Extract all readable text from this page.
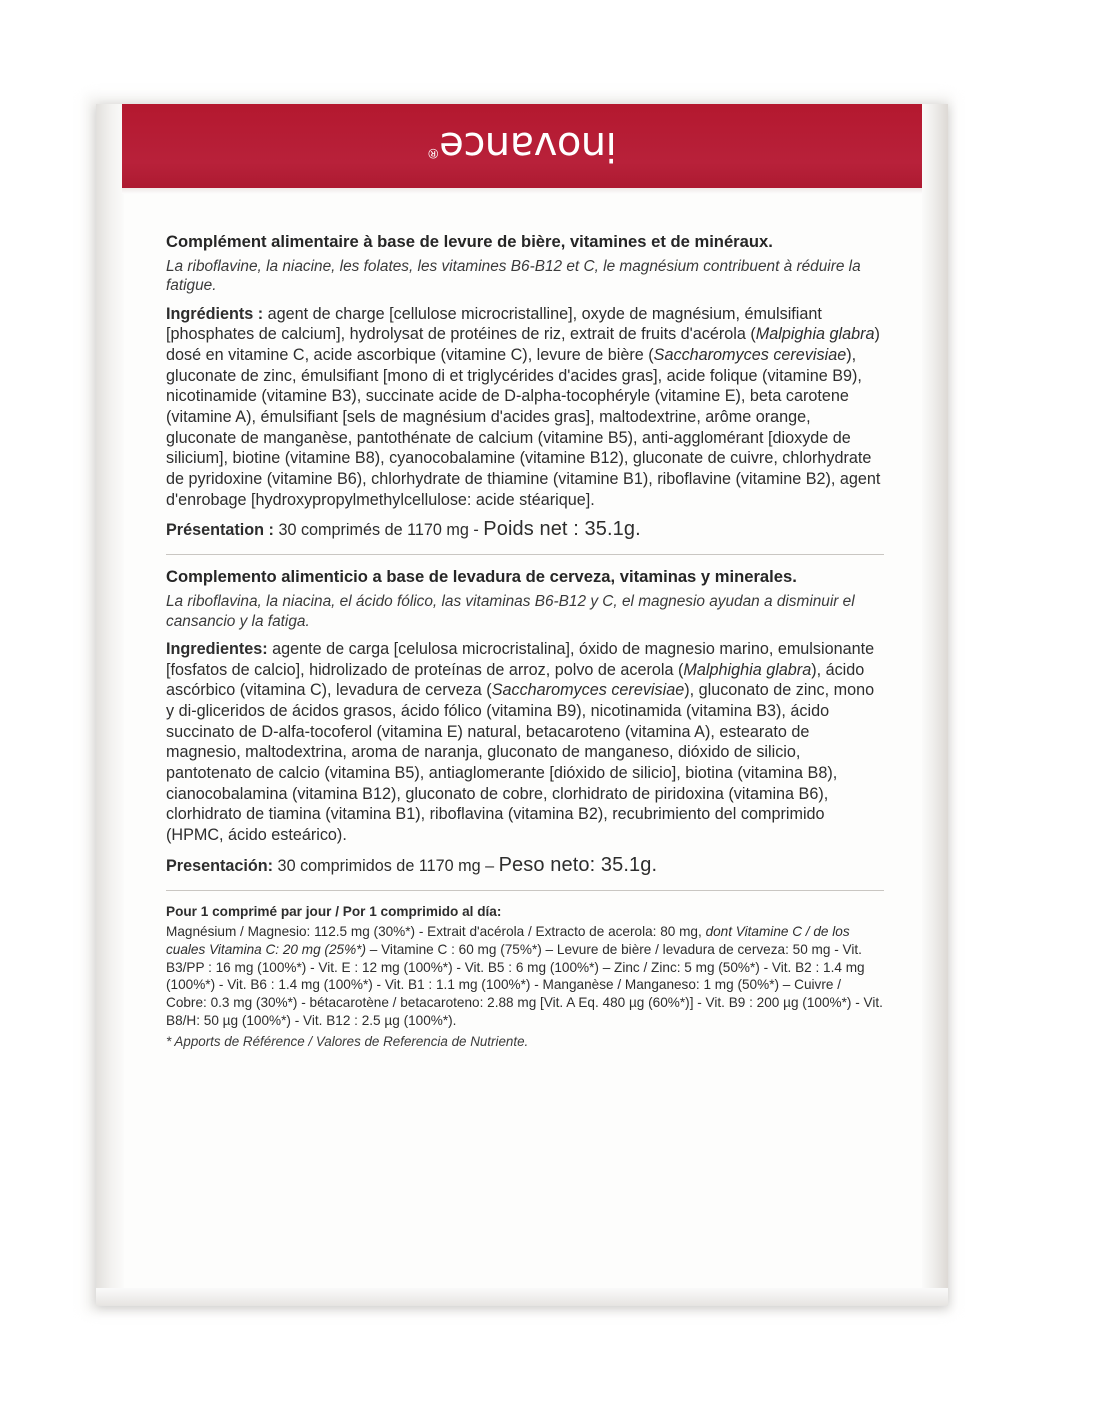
inovance®

Complément alimentaire à base de levure de bière, vitamines et de minéraux.

La riboflavine, la niacine, les folates, les vitamines B6-B12 et C, le magnésium contribuent à réduire la fatigue.

Ingrédients : agent de charge [cellulose microcristalline], oxyde de magnésium, émulsifiant [phosphates de calcium], hydrolysat de protéines de riz, extrait de fruits d'acérola (Malpighia glabra) dosé en vitamine C, acide ascorbique (vitamine C), levure de bière (Saccharomyces cerevisiae), gluconate de zinc, émulsifiant [mono di et triglycérides d'acides gras], acide folique (vitamine B9), nicotinamide (vitamine B3), succinate acide de D-alpha-tocophéryle (vitamine E), beta carotene (vitamine A), émulsifiant [sels de magnésium d'acides gras], maltodextrine, arôme orange, gluconate de manganèse, pantothénate de calcium (vitamine B5), anti-agglomérant [dioxyde de silicium], biotine (vitamine B8), cyanocobalamine (vitamine B12), gluconate de cuivre, chlorhydrate de pyridoxine (vitamine B6), chlorhydrate de thiamine (vitamine B1), riboflavine (vitamine B2), agent d'enrobage [hydroxypropylmethylcellulose: acide stéarique].

Présentation : 30 comprimés de 1170 mg - Poids net : 35.1g.

Complemento alimenticio a base de levadura de cerveza, vitaminas y minerales.

La riboflavina, la niacina, el ácido fólico, las vitaminas B6-B12 y C, el magnesio ayudan a disminuir el cansancio y la fatiga.

Ingredientes: agente de carga [celulosa microcristalina], óxido de magnesio marino, emulsionante [fosfatos de calcio], hidrolizado de proteínas de arroz, polvo de acerola (Malphighia glabra), ácido ascórbico (vitamina C), levadura de cerveza (Saccharomyces cerevisiae), gluconato de zinc, mono y di-gliceridos de ácidos grasos, ácido fólico (vitamina B9), nicotinamida (vitamina B3), ácido succinato de D-alfa-tocoferol (vitamina E) natural, betacaroteno (vitamina A), estearato de magnesio, maltodextrina, aroma de naranja, gluconato de manganeso, dióxido de silicio, pantotenato de calcio (vitamina B5), antiaglomerante [dióxido de silicio], biotina (vitamina B8), cianocobalamina (vitamina B12), gluconato de cobre, clorhidrato de piridoxina (vitamina B6), clorhidrato de tiamina (vitamina B1), riboflavina (vitamina B2), recubrimiento del comprimido (HPMC, ácido esteárico).

Presentación: 30 comprimidos de 1170 mg – Peso neto: 35.1g.

Pour 1 comprimé par jour / Por 1 comprimido al día:
Magnésium / Magnesio: 112.5 mg (30%*) - Extrait d'acérola / Extracto de acerola: 80 mg, dont Vitamine C / de los cuales Vitamina C: 20 mg (25%*) – Vitamine C : 60 mg (75%*) – Levure de bière / levadura de cerveza: 50 mg - Vit. B3/PP : 16 mg (100%*) - Vit. E : 12 mg (100%*) - Vit. B5 : 6 mg (100%*) – Zinc / Zinc: 5 mg (50%*) - Vit. B2 : 1.4 mg (100%*) - Vit. B6 : 1.4 mg (100%*) - Vit. B1 : 1.1 mg (100%*) - Manganèse / Manganeso: 1 mg (50%*) – Cuivre / Cobre: 0.3 mg (30%*) - bétacarotène / betacaroteno: 2.88 mg [Vit. A Eq. 480 µg (60%*)] - Vit. B9 : 200 µg (100%*) - Vit. B8/H: 50 µg (100%*) - Vit. B12 : 2.5 µg (100%*).
* Apports de Référence / Valores de Referencia de Nutriente.
